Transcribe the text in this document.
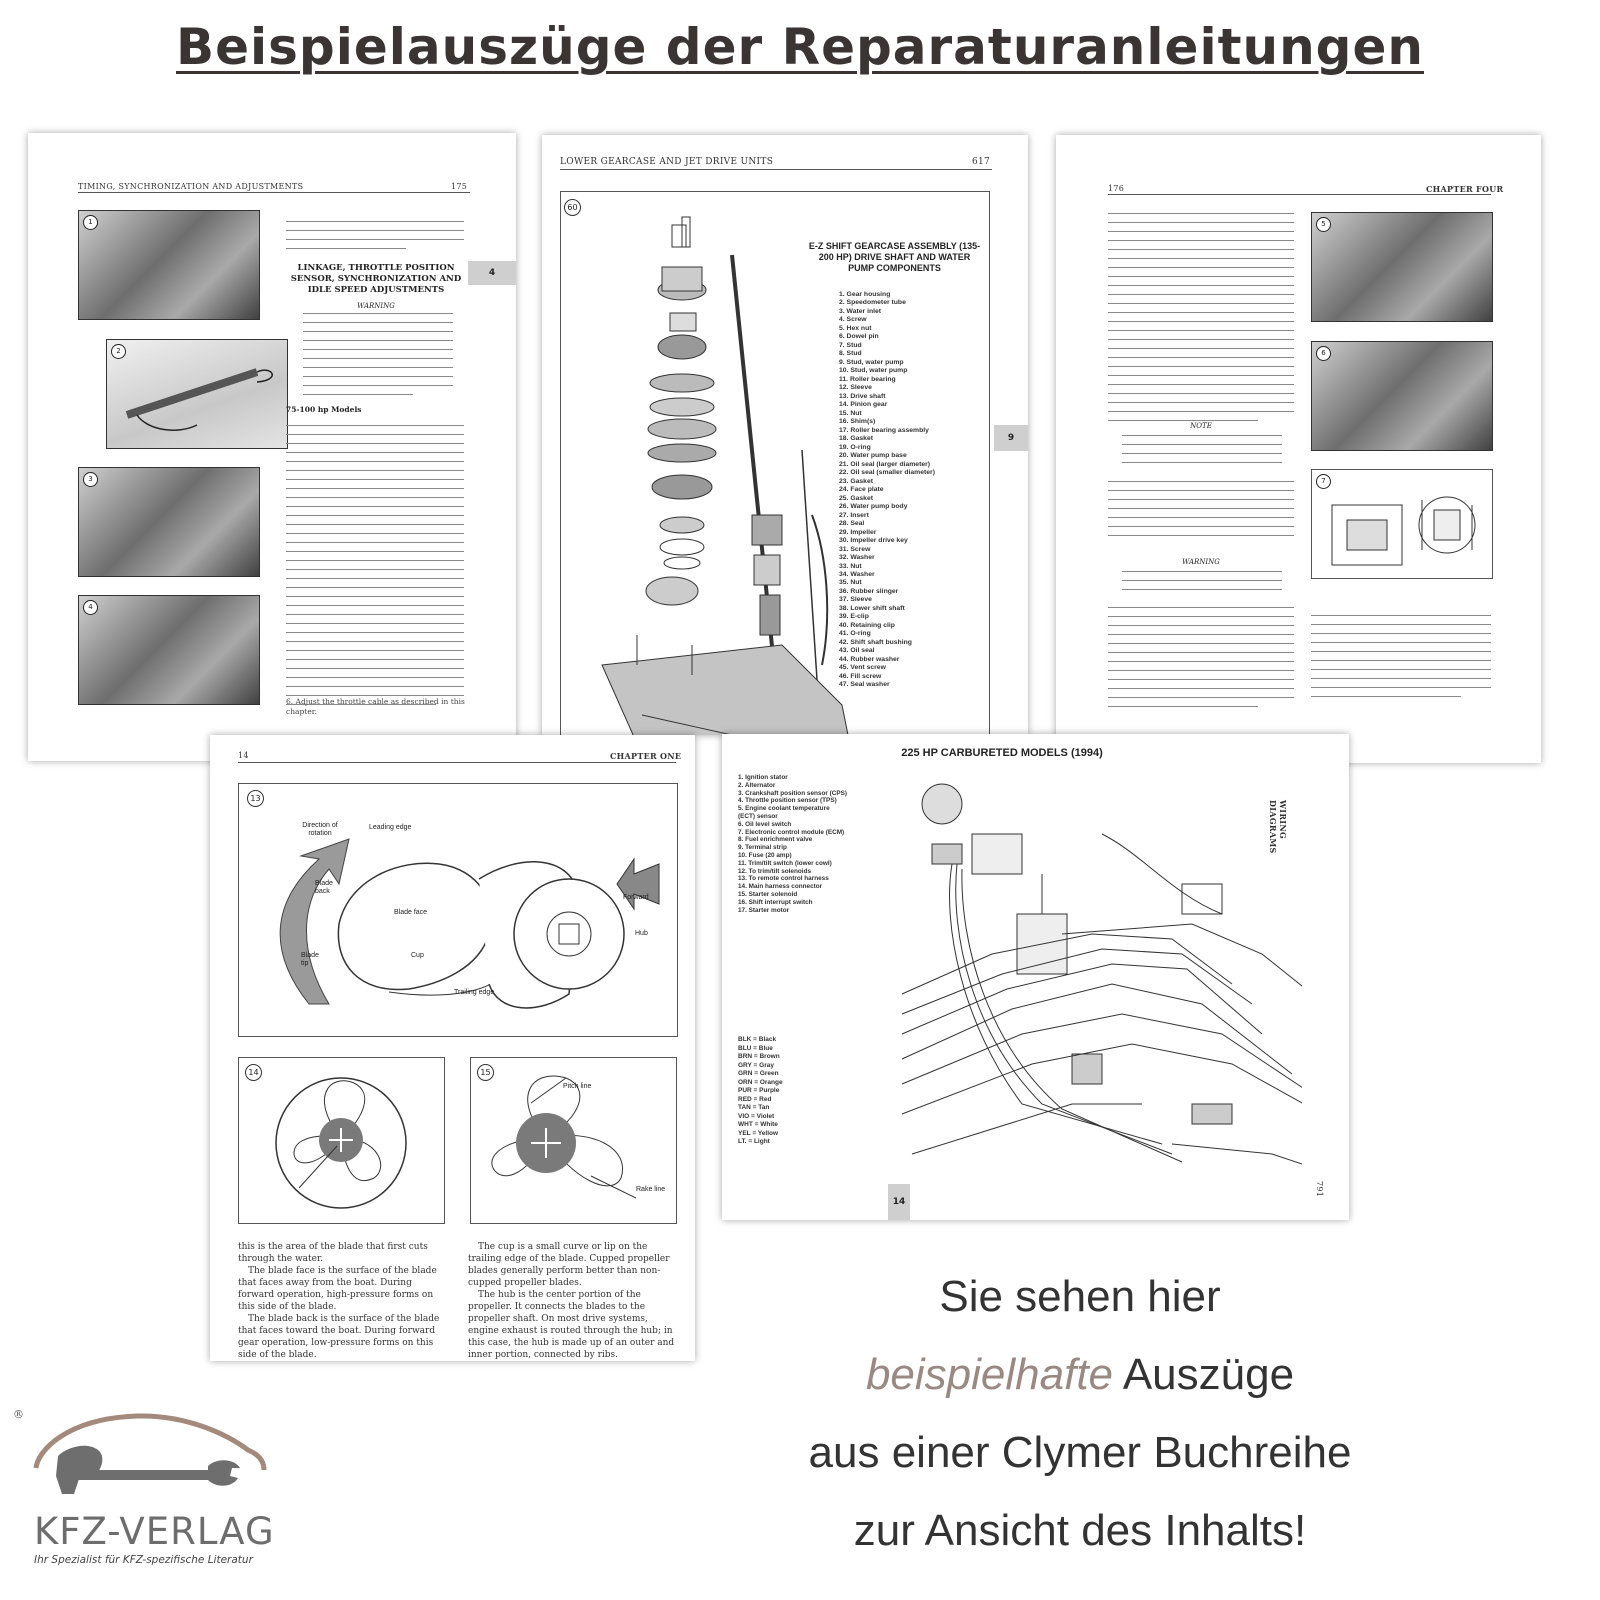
Beispielauszüge der Reparaturanleitungen
TIMING, SYNCHRONIZATION AND ADJUSTMENTS	175
4
1
2
3
4
LINKAGE, THROTTLE POSITION SENSOR, SYNCHRONIZATION AND IDLE SPEED ADJUSTMENTS
WARNING
75-100 hp Models
6. Adjust the throttle cable as described in this chapter.
LOWER GEARCASE AND JET DRIVE UNITS	617
60
9
E-Z SHIFT GEARCASE ASSEMBLY (135-200 HP) DRIVE SHAFT AND WATER PUMP COMPONENTS
1. Gear housing
2. Speedometer tube
3. Water inlet
4. Screw
5. Hex nut
6. Dowel pin
7. Stud
8. Stud
9. Stud, water pump
10. Stud, water pump
11. Roller bearing
12. Sleeve
13. Drive shaft
14. Pinion gear
15. Nut
16. Shim(s)
17. Roller bearing assembly
18. Gasket
19. O-ring
20. Water pump base
21. Oil seal (larger diameter)
22. Oil seal (smaller diameter)
23. Gasket
24. Face plate
25. Gasket
26. Water pump body
27. Insert
28. Seal
29. Impeller
30. Impeller drive key
31. Screw
32. Washer
33. Nut
34. Washer
35. Nut
36. Rubber slinger
37. Sleeve
38. Lower shift shaft
39. E-clip
40. Retaining clip
41. O-ring
42. Shift shaft bushing
43. Oil seal
44. Rubber washer
45. Vent screw
46. Fill screw
47. Seal washer
176	CHAPTER FOUR
NOTE
WARNING
5
6
7
14	CHAPTER ONE
13
Direction of rotation
Leading edge
Blade back
Blade face
Forward
Hub
Blade tip
Cup
Trailing edge
14	15
Pitch line
Rake line
this is the area of the blade that first cuts through the water.
The blade face is the surface of the blade that faces away from the boat. During forward operation, high-pressure forms on this side of the blade.
The blade back is the surface of the blade that faces toward the boat. During forward gear operation, low-pressure forms on this side of the blade.
The cup is a small curve or lip on the trailing edge of the blade. Cupped propeller blades generally perform better than non-cupped propeller blades.
The hub is the center portion of the propeller. It connects the blades to the propeller shaft. On most drive systems, engine exhaust is routed through the hub; in this case, the hub is made up of an outer and inner portion, connected by ribs.
225 HP CARBURETED MODELS (1994)
WIRING DIAGRAMS
791
14
1. Ignition stator
2. Alternator
3. Crankshaft position sensor (CPS)
4. Throttle position sensor (TPS)
5. Engine coolant temperature (ECT) sensor
6. Oil level switch
7. Electronic control module (ECM)
8. Fuel enrichment valve
9. Terminal strip
10. Fuse (20 amp)
11. Trim/tilt switch (lower cowl)
12. To trim/tilt solenoids
13. To remote control harness
14. Main harness connector
15. Starter solenoid
16. Shift interrupt switch
17. Starter motor
BLK = Black
BLU = Blue
BRN = Brown
GRY = Gray
GRN = Green
ORN = Orange
PUR = Purple
RED = Red
TAN = Tan
VIO = Violet
WHT = White
YEL = Yellow
LT. = Light
Sie sehen hier
beispielhafte Auszüge
aus einer Clymer Buchreihe
zur Ansicht des Inhalts!
®
KFZ-VERLAG
Ihr Spezialist für KFZ-spezifische Literatur
